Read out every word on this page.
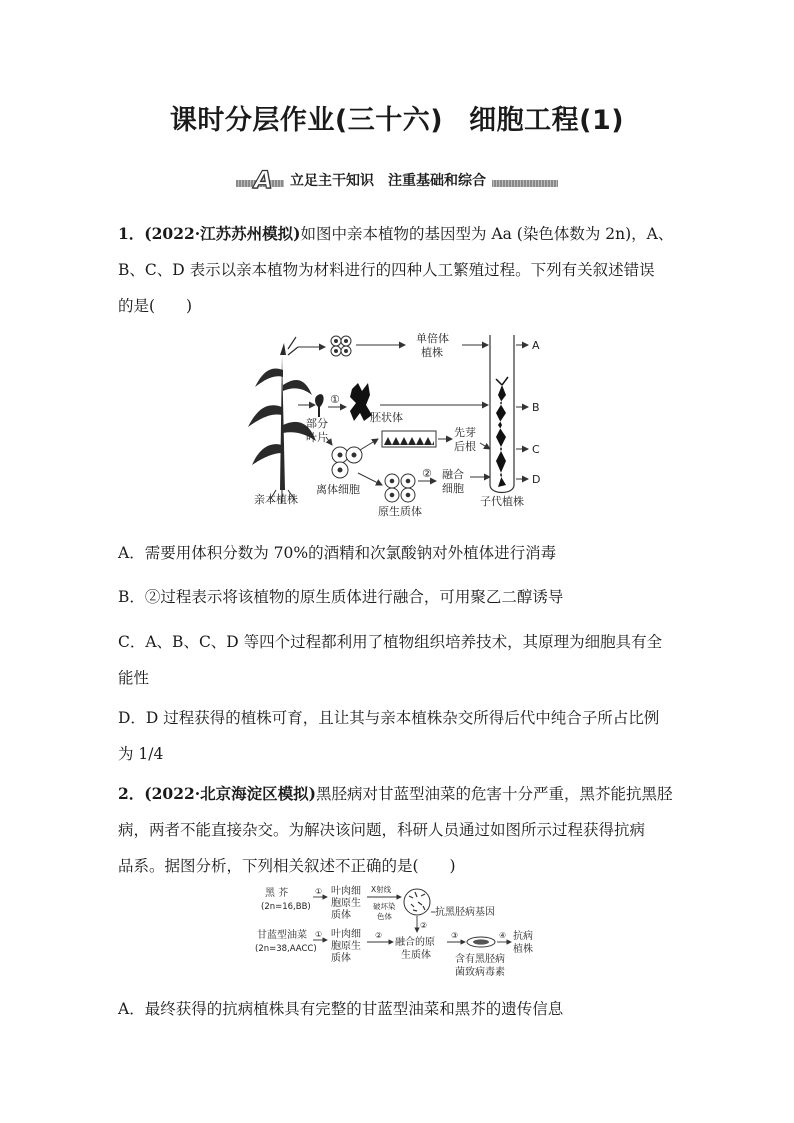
课时分层作业(三十六) 细胞工程(1)
A	立足主干知识　注重基础和综合
1．(2022·江苏苏州模拟)如图中亲本植物的基因型为 Aa (染色体数为 2n)，A、
B、C、D 表示以亲本植物为材料进行的四种人工繁殖过程。下列有关叙述错误
的是(　　)
亲本植株
单倍体
植株
部分
叶片
①
胚状体
离体细胞
先芽
后根
原生质体
② 融合
细胞
子代植株
A
B
C
D
A．需要用体积分数为 70%的酒精和次氯酸钠对外植体进行消毒
B．②过程表示将该植物的原生质体进行融合，可用聚乙二醇诱导
C．A、B、C、D 等四个过程都利用了植物组织培养技术，其原理为细胞具有全
能性
D．D 过程获得的植株可育，且让其与亲本植株杂交所得后代中纯合子所占比例
为 1/4
2．(2022·北京海淀区模拟)黑胫病对甘蓝型油菜的危害十分严重，黑芥能抗黑胫
病，两者不能直接杂交。为解决该问题，科研人员通过如图所示过程获得抗病
品系。据图分析，下列相关叙述不正确的是(　　)
黑 芥
(2n=16,BB)
① 叶肉细
胞原生
质体
X射线
破坏染
色体	抗黑胫病基因
甘蓝型油菜
(2n=38,AACC)
① 叶肉细
胞原生
质体
②
②
融合的原
生质体
③	④ 抗病
植株
含有黑胫病
菌致病毒素
A．最终获得的抗病植株具有完整的甘蓝型油菜和黑芥的遗传信息
